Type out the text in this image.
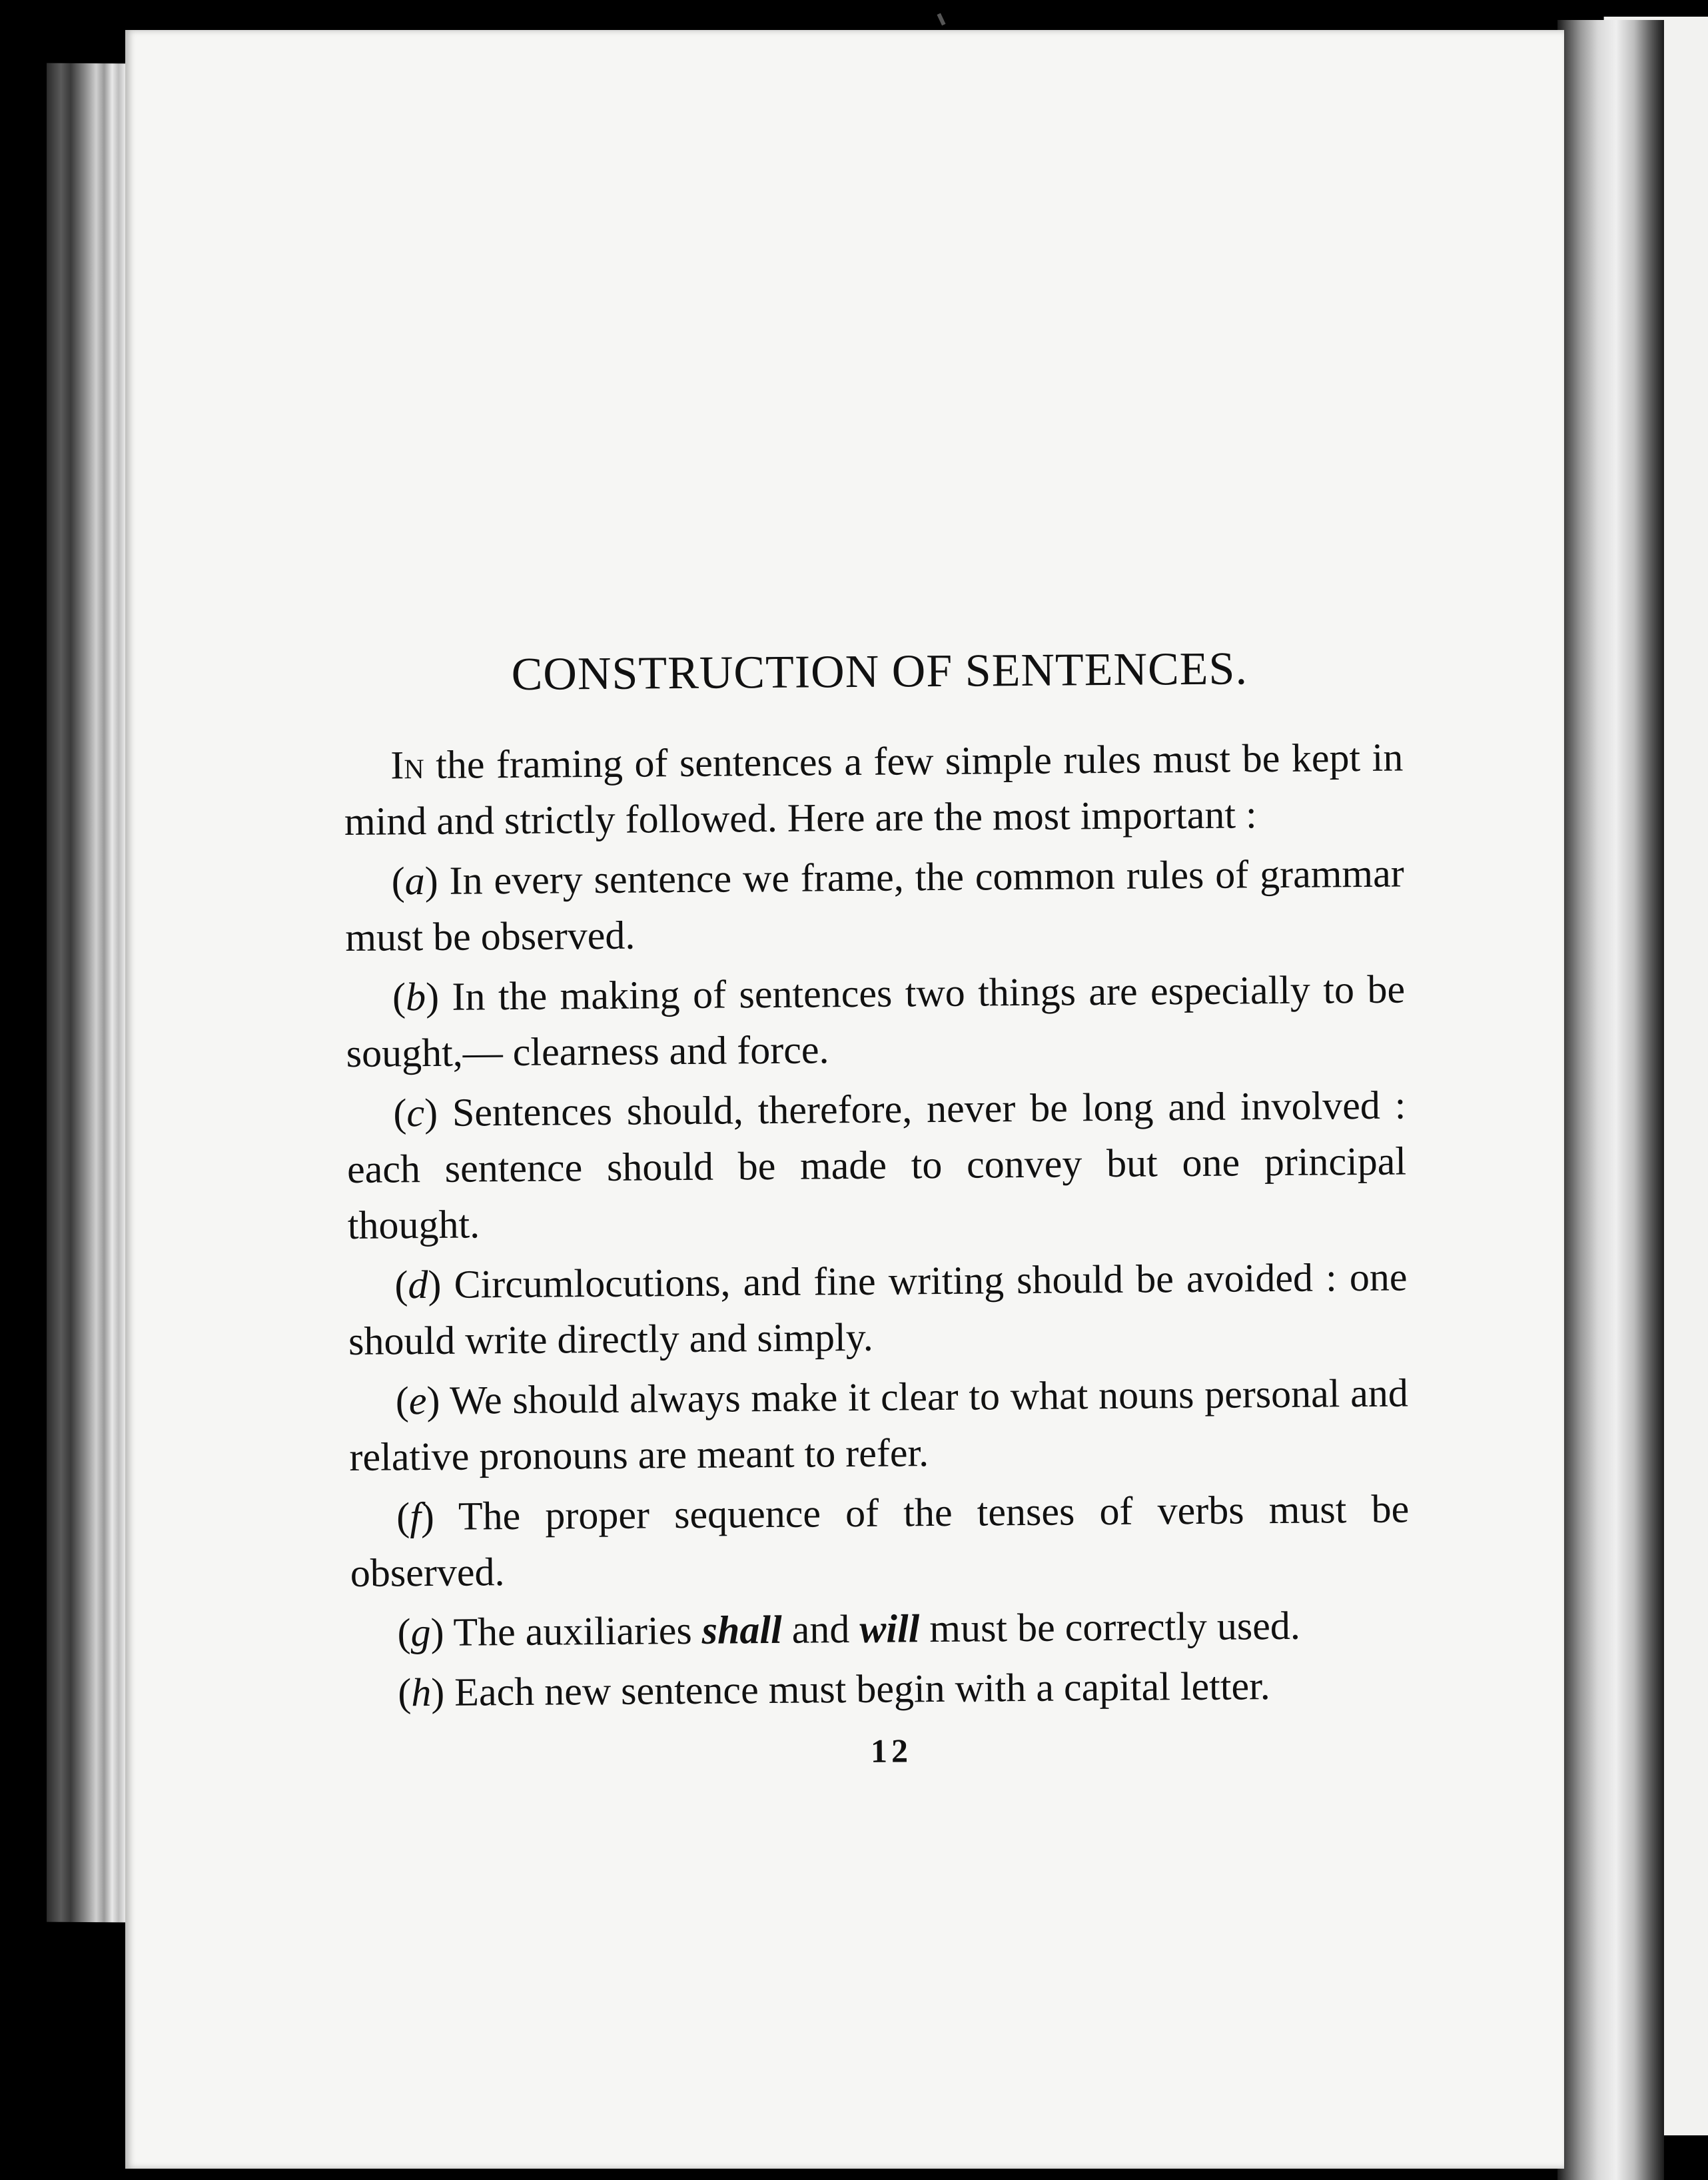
CONSTRUCTION OF SENTENCES.

In the framing of sentences a few simple rules must be kept in mind and strictly followed. Here are the most important :

(a) In every sentence we frame, the common rules of grammar must be observed.

(b) In the making of sentences two things are especially to be sought,— clearness and force.

(c) Sentences should, therefore, never be long and involved : each sentence should be made to convey but one principal thought.

(d) Circumlocutions, and fine writing should be avoided : one should write directly and simply.

(e) We should always make it clear to what nouns personal and relative pronouns are meant to refer.

(f) The proper sequence of the tenses of verbs must be observed.

(g) The auxiliaries shall and will must be correctly used.

(h) Each new sentence must begin with a capital letter.

12
